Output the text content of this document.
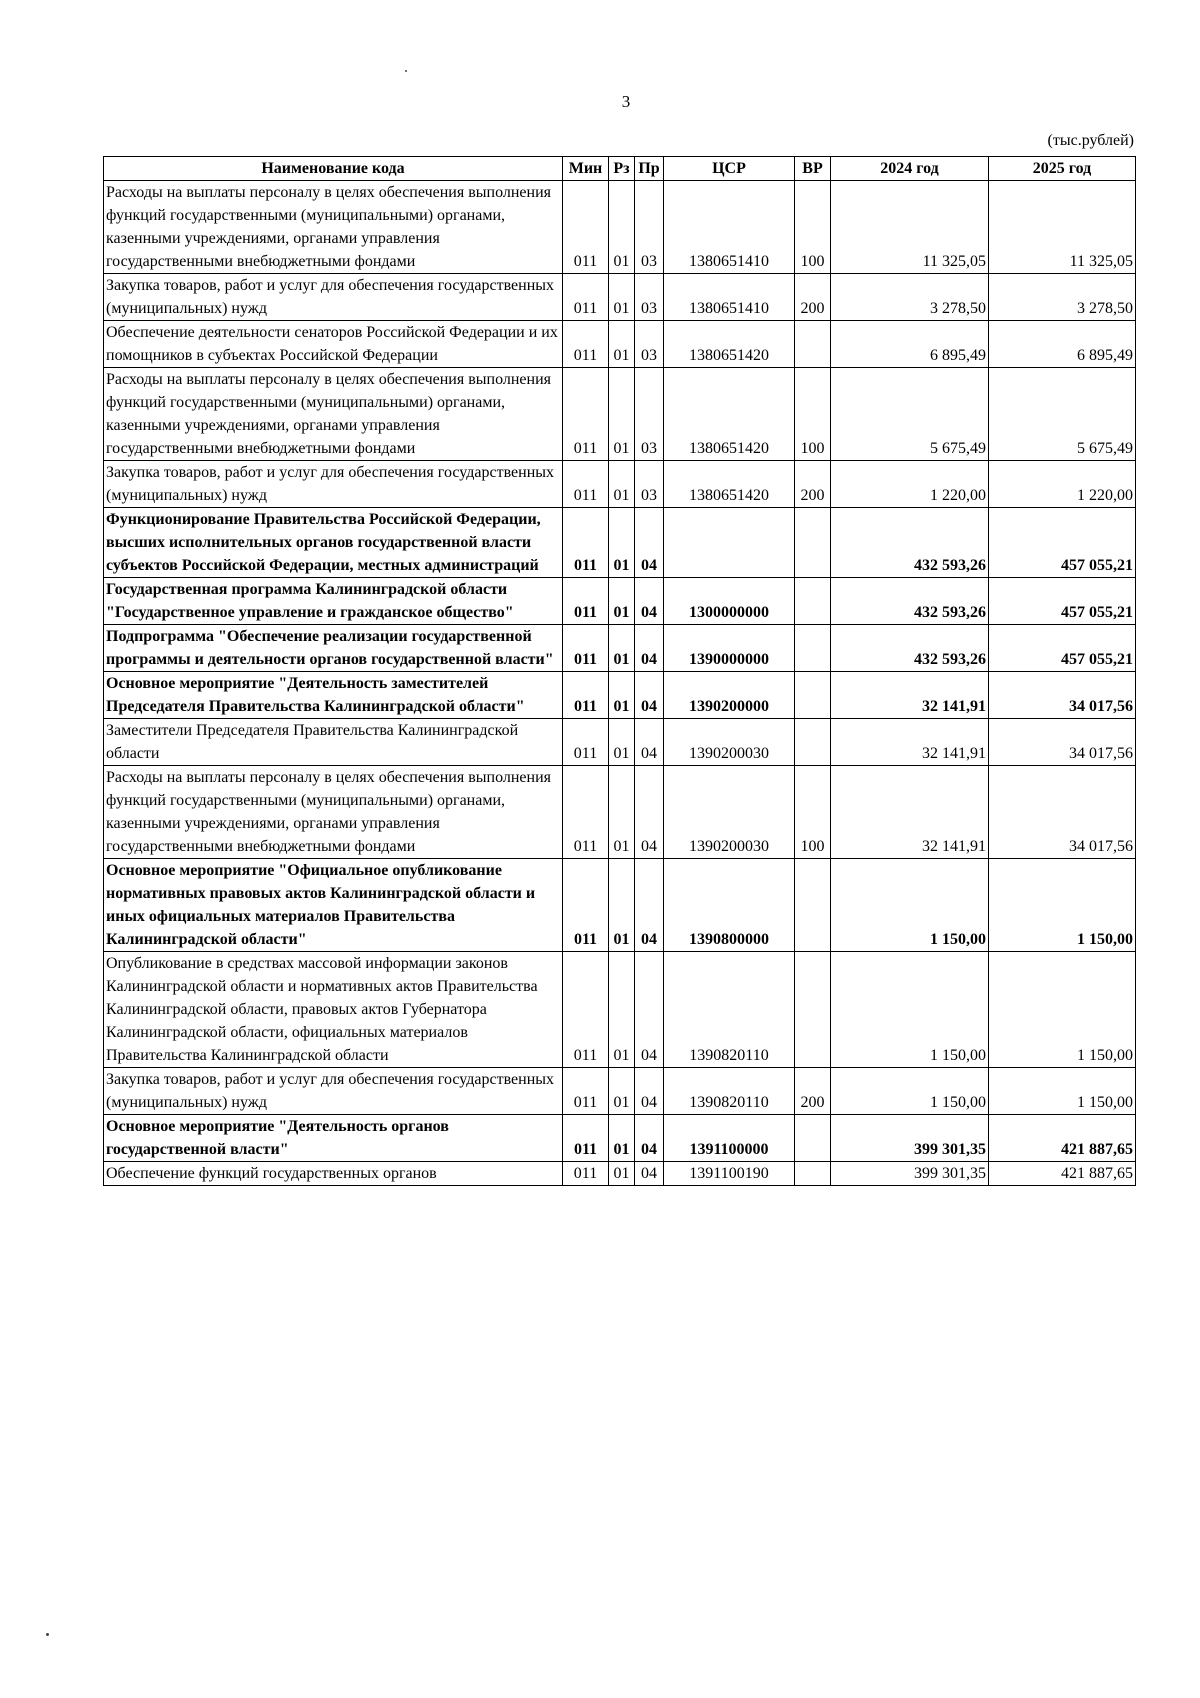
3
(тыс.рублей)
Наименование кода	Мин	Рз	Пр	ЦСР	ВР	2024 год	2025 год
Расходы на выплаты персоналу в целях обеспечения выполнения функций государственными (муниципальными) органами, казенными учреждениями, органами управления государственными внебюджетными фондами	011	01	03	1380651410	100	11 325,05	11 325,05
Закупка товаров, работ и услуг для обеспечения государственных (муниципальных) нужд	011	01	03	1380651410	200	3 278,50	3 278,50
Обеспечение деятельности сенаторов Российской Федерации и их помощников в субъектах Российской Федерации	011	01	03	1380651420		6 895,49	6 895,49
Расходы на выплаты персоналу в целях обеспечения выполнения функций государственными (муниципальными) органами, казенными учреждениями, органами управления государственными внебюджетными фондами	011	01	03	1380651420	100	5 675,49	5 675,49
Закупка товаров, работ и услуг для обеспечения государственных (муниципальных) нужд	011	01	03	1380651420	200	1 220,00	1 220,00
Функционирование Правительства Российской Федерации, высших исполнительных органов государственной власти субъектов Российской Федерации, местных администраций	011	01	04			432 593,26	457 055,21
Государственная программа Калининградской области "Государственное управление и гражданское общество"	011	01	04	1300000000		432 593,26	457 055,21
Подпрограмма "Обеспечение реализации государственной программы и деятельности органов государственной власти"	011	01	04	1390000000		432 593,26	457 055,21
Основное мероприятие "Деятельность заместителей Председателя Правительства Калининградской области"	011	01	04	1390200000		32 141,91	34 017,56
Заместители Председателя Правительства Калининградской области	011	01	04	1390200030		32 141,91	34 017,56
Расходы на выплаты персоналу в целях обеспечения выполнения функций государственными (муниципальными) органами, казенными учреждениями, органами управления государственными внебюджетными фондами	011	01	04	1390200030	100	32 141,91	34 017,56
Основное мероприятие "Официальное опубликование нормативных правовых актов Калининградской области и иных официальных материалов Правительства Калининградской области"	011	01	04	1390800000		1 150,00	1 150,00
Опубликование в средствах массовой информации законов Калининградской области и нормативных актов Правительства Калининградской области, правовых актов Губернатора Калининградской области, официальных материалов Правительства Калининградской области	011	01	04	1390820110		1 150,00	1 150,00
Закупка товаров, работ и услуг для обеспечения государственных (муниципальных) нужд	011	01	04	1390820110	200	1 150,00	1 150,00
Основное мероприятие "Деятельность органов государственной власти"	011	01	04	1391100000		399 301,35	421 887,65
Обеспечение функций государственных органов	011	01	04	1391100190		399 301,35	421 887,65
